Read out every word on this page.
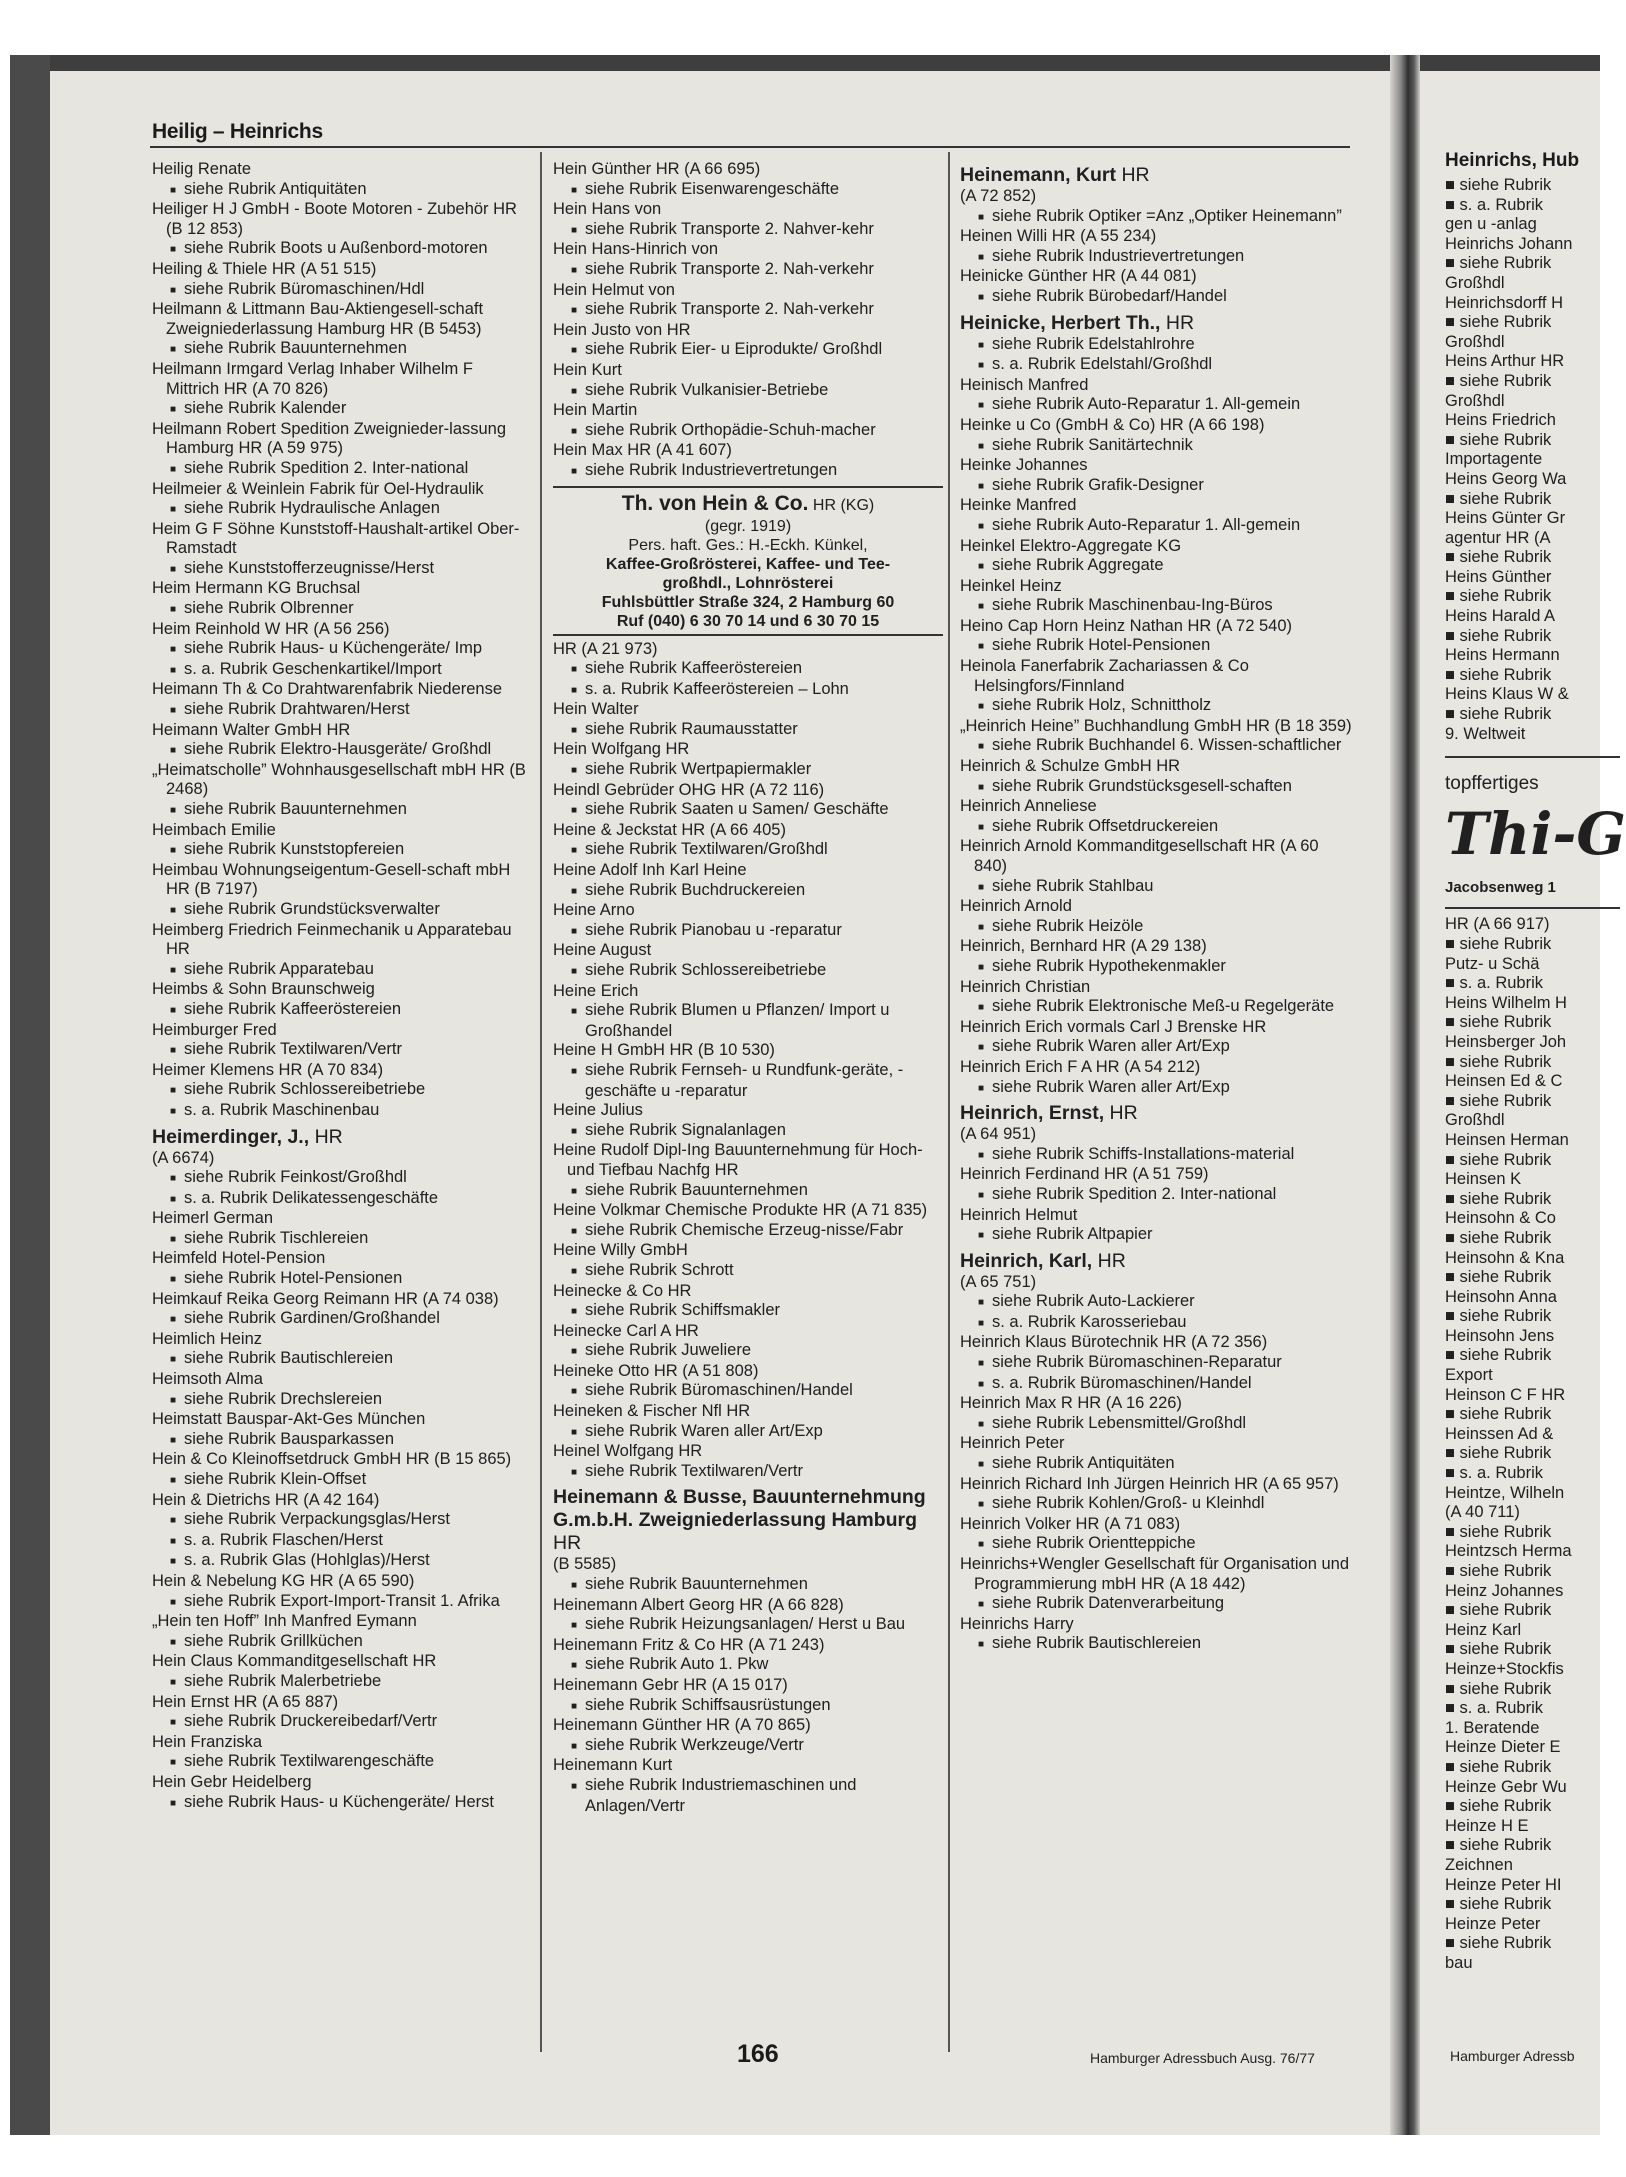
Heilig – Heinrichs

Heilig Renate

■ siehe Rubrik Antiquitäten

Heiliger H J GmbH - Boote Motoren - Zubehör HR (B 12 853)

■ siehe Rubrik Boots u Außenbord-motoren

Heiling & Thiele HR (A 51 515)

■ siehe Rubrik Büromaschinen/Hdl

Heilmann & Littmann Bau-Aktiengesell-schaft Zweigniederlassung Hamburg HR (B 5453)

■ siehe Rubrik Bauunternehmen

Heilmann Irmgard Verlag Inhaber Wilhelm F Mittrich HR (A 70 826)

■ siehe Rubrik Kalender

Heilmann Robert Spedition Zweignieder-lassung Hamburg HR (A 59 975)

■ siehe Rubrik Spedition 2. Inter-national

Heilmeier & Weinlein Fabrik für Oel-Hydraulik

■ siehe Rubrik Hydraulische Anlagen

Heim G F Söhne Kunststoff-Haushalt-artikel Ober-Ramstadt

■ siehe Kunststofferzeugnisse/Herst

Heim Hermann KG Bruchsal

■ siehe Rubrik Olbrenner

Heim Reinhold W HR (A 56 256)

■ siehe Rubrik Haus- u Küchengeräte/ Imp

■ s. a. Rubrik Geschenkartikel/Import

Heimann Th & Co Drahtwarenfabrik Niederense

■ siehe Rubrik Drahtwaren/Herst

Heimann Walter GmbH HR

■ siehe Rubrik Elektro-Hausgeräte/ Großhdl

„Heimatscholle” Wohnhausgesellschaft mbH HR (B 2468)

■ siehe Rubrik Bauunternehmen

Heimbach Emilie

■ siehe Rubrik Kunststopfereien

Heimbau Wohnungseigentum-Gesell-schaft mbH HR (B 7197)

■ siehe Rubrik Grundstücksverwalter

Heimberg Friedrich Feinmechanik u Apparatebau HR

■ siehe Rubrik Apparatebau

Heimbs & Sohn Braunschweig

■ siehe Rubrik Kaffeeröstereien

Heimburger Fred

■ siehe Rubrik Textilwaren/Vertr

Heimer Klemens HR (A 70 834)

■ siehe Rubrik Schlossereibetriebe

■ s. a. Rubrik Maschinenbau

Heimerdinger, J., HR

(A 6674)

■ siehe Rubrik Feinkost/Großhdl

■ s. a. Rubrik Delikatessengeschäfte

Heimerl German

■ siehe Rubrik Tischlereien

Heimfeld Hotel-Pension

■ siehe Rubrik Hotel-Pensionen

Heimkauf Reika Georg Reimann HR (A 74 038)

■ siehe Rubrik Gardinen/Großhandel

Heimlich Heinz

■ siehe Rubrik Bautischlereien

Heimsoth Alma

■ siehe Rubrik Drechslereien

Heimstatt Bauspar-Akt-Ges München

■ siehe Rubrik Bausparkassen

Hein & Co Kleinoffsetdruck GmbH HR (B 15 865)

■ siehe Rubrik Klein-Offset

Hein & Dietrichs HR (A 42 164)

■ siehe Rubrik Verpackungsglas/Herst

■ s. a. Rubrik Flaschen/Herst

■ s. a. Rubrik Glas (Hohlglas)/Herst

Hein & Nebelung KG HR (A 65 590)

■ siehe Rubrik Export-Import-Transit 1. Afrika

„Hein ten Hoff” Inh Manfred Eymann

■ siehe Rubrik Grillküchen

Hein Claus Kommanditgesellschaft HR

■ siehe Rubrik Malerbetriebe

Hein Ernst HR (A 65 887)

■ siehe Rubrik Druckereibedarf/Vertr

Hein Franziska

■ siehe Rubrik Textilwarengeschäfte

Hein Gebr Heidelberg

■ siehe Rubrik Haus- u Küchengeräte/ Herst

Hein Günther HR (A 66 695)

■ siehe Rubrik Eisenwarengeschäfte

Hein Hans von

■ siehe Rubrik Transporte 2. Nahver-kehr

Hein Hans-Hinrich von

■ siehe Rubrik Transporte 2. Nah-verkehr

Hein Helmut von

■ siehe Rubrik Transporte 2. Nah-verkehr

Hein Justo von HR

■ siehe Rubrik Eier- u Eiprodukte/ Großhdl

Hein Kurt

■ siehe Rubrik Vulkanisier-Betriebe

Hein Martin

■ siehe Rubrik Orthopädie-Schuh-macher

Hein Max HR (A 41 607)

■ siehe Rubrik Industrievertretungen

Th. von Hein & Co. HR (KG)
(gegr. 1919)
Pers. haft. Ges.: H.-Eckh. Künkel,
Kaffee-Großrösterei, Kaffee- und Tee-
großhdl., Lohnrösterei
Fuhlsbüttler Straße 324, 2 Hamburg 60
Ruf (040) 6 30 70 14 und 6 30 70 15

HR (A 21 973)

■ siehe Rubrik Kaffeeröstereien

■ s. a. Rubrik Kaffeeröstereien – Lohn

Hein Walter

■ siehe Rubrik Raumausstatter

Hein Wolfgang HR

■ siehe Rubrik Wertpapiermakler

Heindl Gebrüder OHG HR (A 72 116)

■ siehe Rubrik Saaten u Samen/ Geschäfte

Heine & Jeckstat HR (A 66 405)

■ siehe Rubrik Textilwaren/Großhdl

Heine Adolf Inh Karl Heine

■ siehe Rubrik Buchdruckereien

Heine Arno

■ siehe Rubrik Pianobau u -reparatur

Heine August

■ siehe Rubrik Schlossereibetriebe

Heine Erich

■ siehe Rubrik Blumen u Pflanzen/ Import u Großhandel

Heine H GmbH HR (B 10 530)

■ siehe Rubrik Fernseh- u Rundfunk-geräte, -geschäfte u -reparatur

Heine Julius

■ siehe Rubrik Signalanlagen

Heine Rudolf Dipl-Ing Bauunternehmung für Hoch- und Tiefbau Nachfg HR

■ siehe Rubrik Bauunternehmen

Heine Volkmar Chemische Produkte HR (A 71 835)

■ siehe Rubrik Chemische Erzeug-nisse/Fabr

Heine Willy GmbH

■ siehe Rubrik Schrott

Heinecke & Co HR

■ siehe Rubrik Schiffsmakler

Heinecke Carl A HR

■ siehe Rubrik Juweliere

Heineke Otto HR (A 51 808)

■ siehe Rubrik Büromaschinen/Handel

Heineken & Fischer Nfl HR

■ siehe Rubrik Waren aller Art/Exp

Heinel Wolfgang HR

■ siehe Rubrik Textilwaren/Vertr

Heinemann & Busse, Bauunternehmung G.m.b.H. Zweigniederlassung Hamburg HR

(B 5585)

■ siehe Rubrik Bauunternehmen

Heinemann Albert Georg HR (A 66 828)

■ siehe Rubrik Heizungsanlagen/ Herst u Bau

Heinemann Fritz & Co HR (A 71 243)

■ siehe Rubrik Auto 1. Pkw

Heinemann Gebr HR (A 15 017)

■ siehe Rubrik Schiffsausrüstungen

Heinemann Günther HR (A 70 865)

■ siehe Rubrik Werkzeuge/Vertr

Heinemann Kurt

■ siehe Rubrik Industriemaschinen und Anlagen/Vertr

Heinemann, Kurt HR

(A 72 852)

■ siehe Rubrik Optiker =Anz „Optiker Heinemann”

Heinen Willi HR (A 55 234)

■ siehe Rubrik Industrievertretungen

Heinicke Günther HR (A 44 081)

■ siehe Rubrik Bürobedarf/Handel

Heinicke, Herbert Th., HR

■ siehe Rubrik Edelstahlrohre

■ s. a. Rubrik Edelstahl/Großhdl

Heinisch Manfred

■ siehe Rubrik Auto-Reparatur 1. All-gemein

Heinke u Co (GmbH & Co) HR (A 66 198)

■ siehe Rubrik Sanitärtechnik

Heinke Johannes

■ siehe Rubrik Grafik-Designer

Heinke Manfred

■ siehe Rubrik Auto-Reparatur 1. All-gemein

Heinkel Elektro-Aggregate KG

■ siehe Rubrik Aggregate

Heinkel Heinz

■ siehe Rubrik Maschinenbau-Ing-Büros

Heino Cap Horn Heinz Nathan HR (A 72 540)

■ siehe Rubrik Hotel-Pensionen

Heinola Fanerfabrik Zachariassen & Co Helsingfors/Finnland

■ siehe Rubrik Holz, Schnittholz

„Heinrich Heine” Buchhandlung GmbH HR (B 18 359)

■ siehe Rubrik Buchhandel 6. Wissen-schaftlicher

Heinrich & Schulze GmbH HR

■ siehe Rubrik Grundstücksgesell-schaften

Heinrich Anneliese

■ siehe Rubrik Offsetdruckereien

Heinrich Arnold Kommanditgesellschaft HR (A 60 840)

■ siehe Rubrik Stahlbau

Heinrich Arnold

■ siehe Rubrik Heizöle

Heinrich, Bernhard HR (A 29 138)

■ siehe Rubrik Hypothekenmakler

Heinrich Christian

■ siehe Rubrik Elektronische Meß-u Regelgeräte

Heinrich Erich vormals Carl J Brenske HR

■ siehe Rubrik Waren aller Art/Exp

Heinrich Erich F A HR (A 54 212)

■ siehe Rubrik Waren aller Art/Exp

Heinrich, Ernst, HR

(A 64 951)

■ siehe Rubrik Schiffs-Installations-material

Heinrich Ferdinand HR (A 51 759)

■ siehe Rubrik Spedition 2. Inter-national

Heinrich Helmut

■ siehe Rubrik Altpapier

Heinrich, Karl, HR

(A 65 751)

■ siehe Rubrik Auto-Lackierer

■ s. a. Rubrik Karosseriebau

Heinrich Klaus Bürotechnik HR (A 72 356)

■ siehe Rubrik Büromaschinen-Reparatur

■ s. a. Rubrik Büromaschinen/Handel

Heinrich Max R HR (A 16 226)

■ siehe Rubrik Lebensmittel/Großhdl

Heinrich Peter

■ siehe Rubrik Antiquitäten

Heinrich Richard Inh Jürgen Heinrich HR (A 65 957)

■ siehe Rubrik Kohlen/Groß- u Kleinhdl

Heinrich Volker HR (A 71 083)

■ siehe Rubrik Orientteppiche

Heinrichs+Wengler Gesellschaft für Organisation und Programmierung mbH HR (A 18 442)

■ siehe Rubrik Datenverarbeitung

Heinrichs Harry

■ siehe Rubrik Bautischlereien

166	Hamburger Adressbuch Ausg. 76/77
Heinrichs, Hub
■ siehe Rubrik
■ s. a. Rubrik
gen u -anlag
Heinrichs Johann
■ siehe Rubrik
Großhdl
Heinrichsdorff H
■ siehe Rubrik
Großhdl
Heins Arthur HR
■ siehe Rubrik
Großhdl
Heins Friedrich
■ siehe Rubrik
Importagente
Heins Georg Wa
■ siehe Rubrik
Heins Günter Gr
agentur HR (A
■ siehe Rubrik
Heins Günther
■ siehe Rubrik
Heins Harald A
■ siehe Rubrik
Heins Hermann
■ siehe Rubrik
Heins Klaus W &
■ siehe Rubrik
9. Weltweit
topffertiges
Thi-G
Jacobsenweg 1
HR (A 66 917)
■ siehe Rubrik
Putz- u Schä
■ s. a. Rubrik
Heins Wilhelm H
■ siehe Rubrik
Heinsberger Joh
■ siehe Rubrik
Heinsen Ed & C
■ siehe Rubrik
Großhdl
Heinsen Herman
■ siehe Rubrik
Heinsen K
■ siehe Rubrik
Heinsohn & Co
■ siehe Rubrik
Heinsohn & Kna
■ siehe Rubrik
Heinsohn Anna
■ siehe Rubrik
Heinsohn Jens
■ siehe Rubrik
Export
Heinson C F HR
■ siehe Rubrik
Heinssen Ad &
■ siehe Rubrik
■ s. a. Rubrik
Heintze, Wilheln
(A 40 711)
■ siehe Rubrik
Heintzsch Herma
■ siehe Rubrik
Heinz Johannes
■ siehe Rubrik
Heinz Karl
■ siehe Rubrik
Heinze+Stockfis
■ siehe Rubrik
■ s. a. Rubrik
1. Beratende
Heinze Dieter E
■ siehe Rubrik
Heinze Gebr Wu
■ siehe Rubrik
Heinze H E
■ siehe Rubrik
Zeichnen
Heinze Peter HI
■ siehe Rubrik
Heinze Peter
■ siehe Rubrik
bau
Hamburger Adressb
